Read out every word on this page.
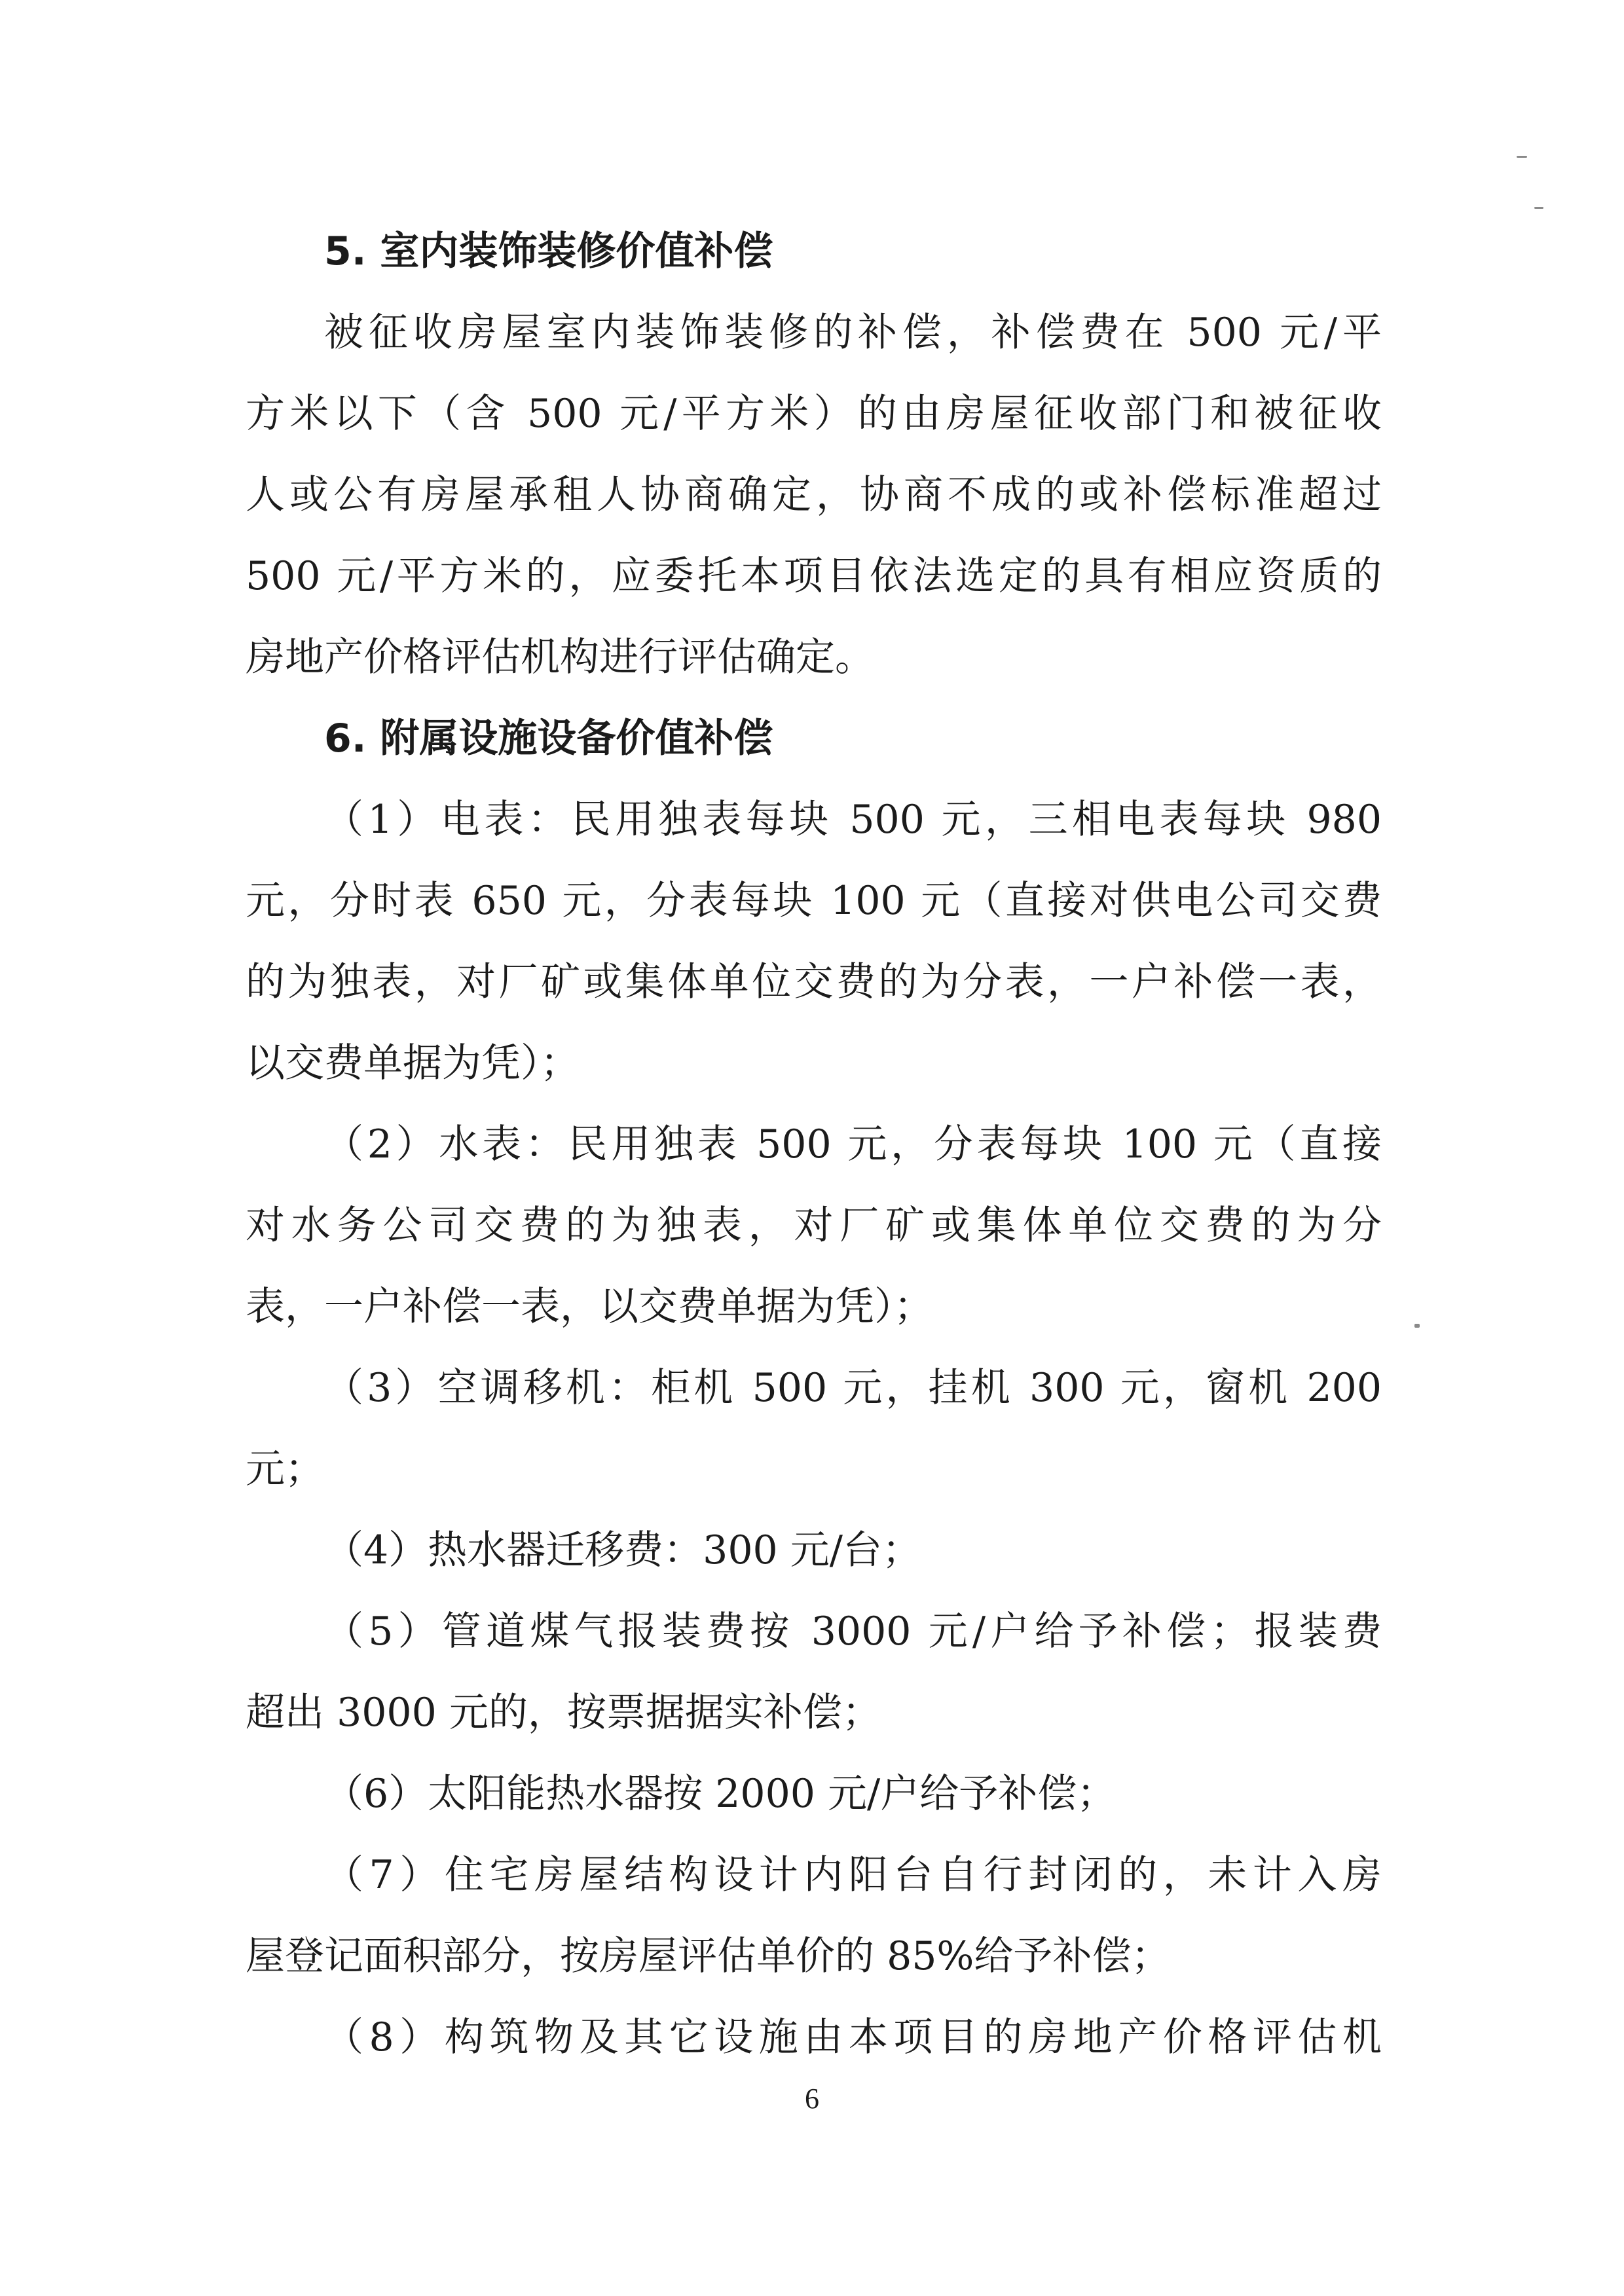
5. 室内装饰装修价值补偿
被征收房屋室内装饰装修的补偿，补偿费在 500 元/平
方米以下（含 500 元/平方米）的由房屋征收部门和被征收
人或公有房屋承租人协商确定，协商不成的或补偿标准超过
500 元/平方米的，应委托本项目依法选定的具有相应资质的
房地产价格评估机构进行评估确定。
6. 附属设施设备价值补偿
（1）电表：民用独表每块 500 元，三相电表每块 980
元，分时表 650 元，分表每块 100 元（直接对供电公司交费
的为独表，对厂矿或集体单位交费的为分表，一户补偿一表，
以交费单据为凭）；
（2）水表：民用独表 500 元，分表每块 100 元（直接
对水务公司交费的为独表，对厂矿或集体单位交费的为分
表，一户补偿一表，以交费单据为凭）；
（3）空调移机：柜机 500 元，挂机 300 元，窗机 200
元；
（4）热水器迁移费：300 元/台；
（5）管道煤气报装费按 3000 元/户给予补偿；报装费
超出 3000 元的，按票据据实补偿；
（6）太阳能热水器按 2000 元/户给予补偿；
（7）住宅房屋结构设计内阳台自行封闭的，未计入房
屋登记面积部分，按房屋评估单价的 85%给予补偿；
（8）构筑物及其它设施由本项目的房地产价格评估机
6
